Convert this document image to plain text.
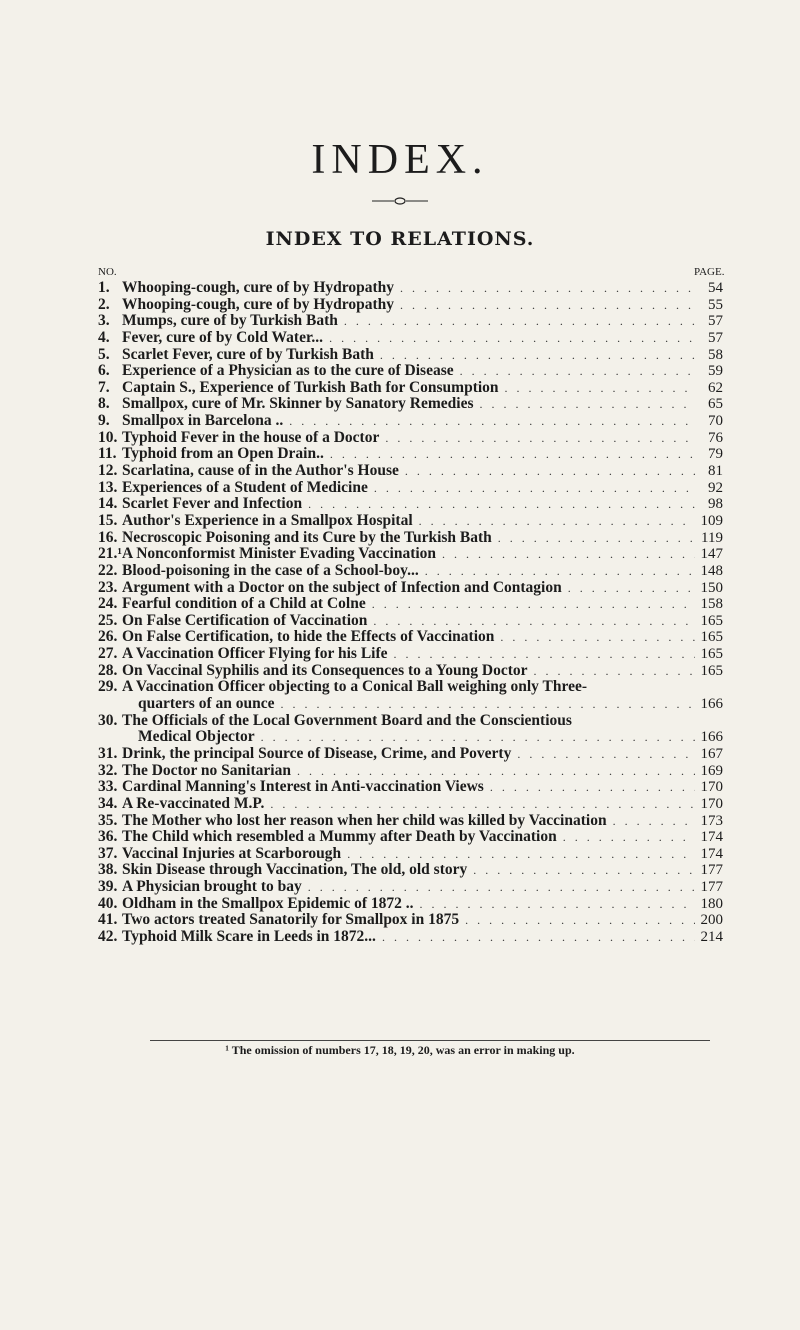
INDEX.
INDEX TO RELATIONS.
NO.	PAGE.
1. Whooping-cough, cure of by Hydropathy . . .	54
2. Whooping-cough, cure of by Hydropathy . . .	55
3. Mumps, cure of by Turkish Bath . . .	57
4. Fever, cure of by Cold Water... . . .	57
5. Scarlet Fever, cure of by Turkish Bath . . .	58
6. Experience of a Physician as to the cure of Disease . . .	59
7. Captain S., Experience of Turkish Bath for Consumption . . .	62
8. Smallpox, cure of Mr. Skinner by Sanatory Remedies . . .	65
9. Smallpox in Barcelona .. . . .	70
10. Typhoid Fever in the house of a Doctor . . .	76
11. Typhoid from an Open Drain.. . . .	79
12. Scarlatina, cause of in the Author's House . . .	81
13. Experiences of a Student of Medicine . . .	92
14. Scarlet Fever and Infection . . .	98
15. Author's Experience in a Smallpox Hospital . . .	109
16. Necroscopic Poisoning and its Cure by the Turkish Bath . . .	119
21.¹ A Nonconformist Minister Evading Vaccination . . .	147
22. Blood-poisoning in the case of a School-boy... . . .	148
23. Argument with a Doctor on the subject of Infection and Contagion . . .	150
24. Fearful condition of a Child at Colne . . .	158
25. On False Certification of Vaccination . . .	165
26. On False Certification, to hide the Effects of Vaccination . . .	165
27. A Vaccination Officer Flying for his Life . . .	165
28. On Vaccinal Syphilis and its Consequences to a Young Doctor . . .	165
29. A Vaccination Officer objecting to a Conical Ball weighing only Three-
quarters of an ounce . . .	166
30. The Officials of the Local Government Board and the Conscientious
Medical Objector . . .	166
31. Drink, the principal Source of Disease, Crime, and Poverty . . .	167
32. The Doctor no Sanitarian . . .	169
33. Cardinal Manning's Interest in Anti-vaccination Views . . .	170
34. A Re-vaccinated M.P. . . .	170
35. The Mother who lost her reason when her child was killed by Vaccination . . .	173
36. The Child which resembled a Mummy after Death by Vaccination . . .	174
37. Vaccinal Injuries at Scarborough . . .	174
38. Skin Disease through Vaccination, The old, old story . . .	177
39. A Physician brought to bay . . .	177
40. Oldham in the Smallpox Epidemic of 1872 .. . . .	180
41. Two actors treated Sanatorily for Smallpox in 1875 . . .	200
42. Typhoid Milk Scare in Leeds in 1872... . . .	214
¹ The omission of numbers 17, 18, 19, 20, was an error in making up.
